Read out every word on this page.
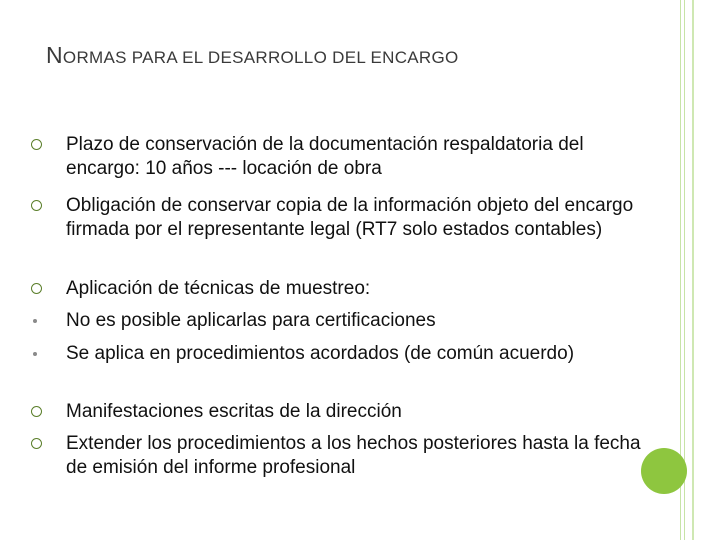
NORMAS PARA EL DESARROLLO DEL ENCARGO
Plazo de conservación de la documentación respaldatoria del encargo: 10 años --- locación de obra
Obligación de conservar copia de la información objeto del encargo firmada por el representante legal (RT7 solo estados contables)
Aplicación de técnicas de muestreo:
No es posible aplicarlas para certificaciones
Se aplica en procedimientos acordados (de común acuerdo)
Manifestaciones escritas de la dirección
Extender los procedimientos a los hechos posteriores hasta la fecha de emisión del informe profesional
